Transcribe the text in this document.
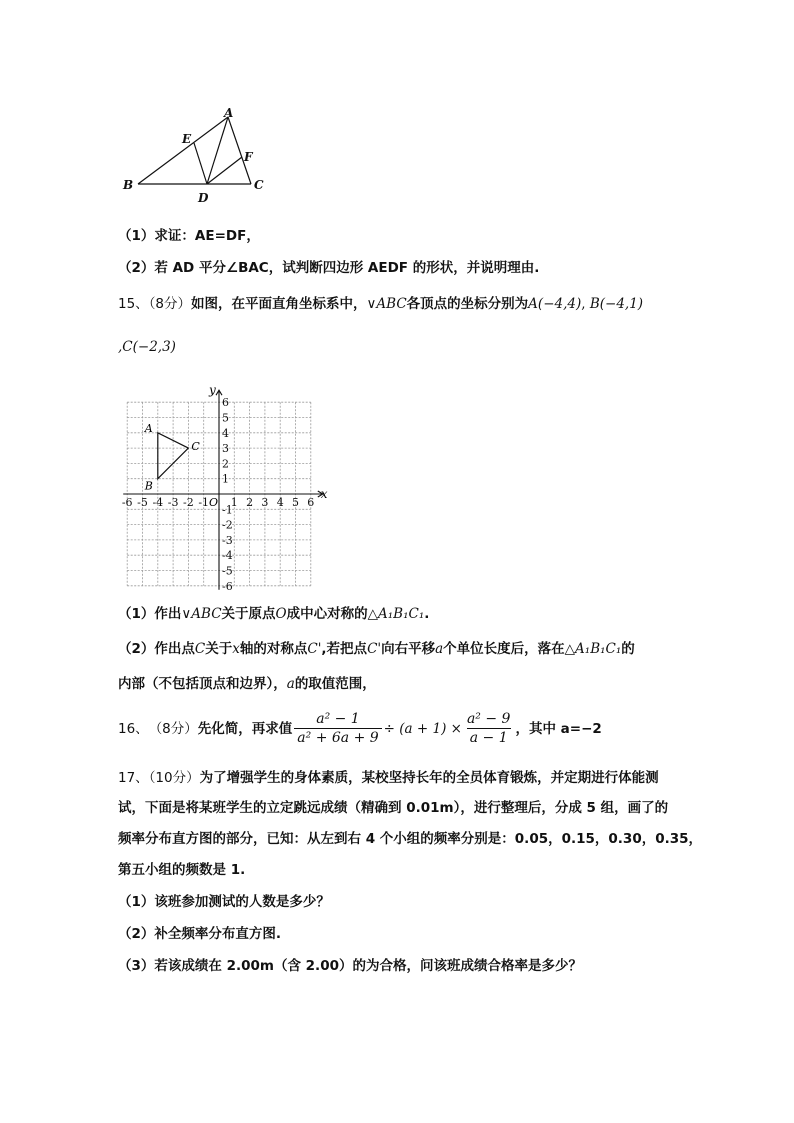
A
B	C
D
E
F
（1）求证：AE=DF，
（2）若 AD 平分∠BAC，试判断四边形 AEDF 的形状，并说明理由.
15、（8分）如图，在平面直角坐标系中，∨ABC各顶点的坐标分别为A(−4,4), B(−4,1)
,C(−2,3)
-6 -5 -4 -3 -2 -1 1 2 3 4 5 6
6
5
4
3
2
1
-1
-2
-3
-4
-5
-6
x
y
O
A
B
C
（1）作出∨ABC关于原点O成中心对称的△A₁B₁C₁.
（2）作出点C关于x轴的对称点C',若把点C'向右平移a个单位长度后，落在△A₁B₁C₁的
内部（不包括顶点和边界），a的取值范围，
16、 （8分） 先化简，再求值 $\frac{\text{a² − 1}}{\text{a² + 6a + 9}} \div (a + 1) \times \frac{\text{a² − 9}}{a - 1}$ ，其中 a=−2
17、（10分）为了增强学生的身体素质，某校坚持长年的全员体育锻炼，并定期进行体能测
试，下面是将某班学生的立定跳远成绩（精确到 0.01m），进行整理后，分成 5 组，画了的
频率分布直方图的部分，已知：从左到右 4 个小组的频率分别是：0.05，0.15，0.30，0.35，
第五小组的频数是 1.
（1）该班参加测试的人数是多少？
（2）补全频率分布直方图.
（3）若该成绩在 2.00m（含 2.00）的为合格，问该班成绩合格率是多少？
